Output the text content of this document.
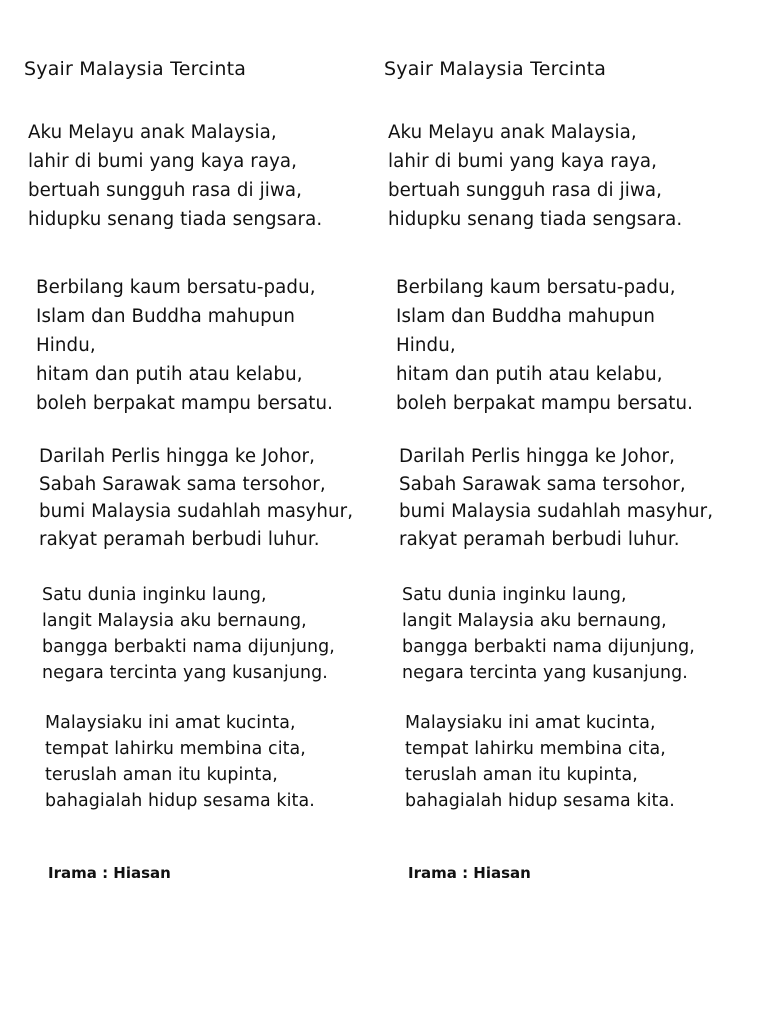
Syair Malaysia Tercinta
Aku Melayu anak Malaysia,
lahir di bumi yang kaya raya,
bertuah sungguh rasa di jiwa,
hidupku senang tiada sengsara.
Berbilang kaum bersatu-padu,
Islam dan Buddha mahupun
Hindu,
hitam dan putih atau kelabu,
boleh berpakat mampu bersatu.
Darilah Perlis hingga ke Johor,
Sabah Sarawak sama tersohor,
bumi Malaysia sudahlah masyhur,
rakyat peramah berbudi luhur.
Satu dunia inginku laung,
langit Malaysia aku bernaung,
bangga berbakti nama dijunjung,
negara tercinta yang kusanjung.
Malaysiaku ini amat kucinta,
tempat lahirku membina cita,
teruslah aman itu kupinta,
bahagialah hidup sesama kita.
Irama : Hiasan
Syair Malaysia Tercinta
Aku Melayu anak Malaysia,
lahir di bumi yang kaya raya,
bertuah sungguh rasa di jiwa,
hidupku senang tiada sengsara.
Berbilang kaum bersatu-padu,
Islam dan Buddha mahupun
Hindu,
hitam dan putih atau kelabu,
boleh berpakat mampu bersatu.
Darilah Perlis hingga ke Johor,
Sabah Sarawak sama tersohor,
bumi Malaysia sudahlah masyhur,
rakyat peramah berbudi luhur.
Satu dunia inginku laung,
langit Malaysia aku bernaung,
bangga berbakti nama dijunjung,
negara tercinta yang kusanjung.
Malaysiaku ini amat kucinta,
tempat lahirku membina cita,
teruslah aman itu kupinta,
bahagialah hidup sesama kita.
Irama : Hiasan
